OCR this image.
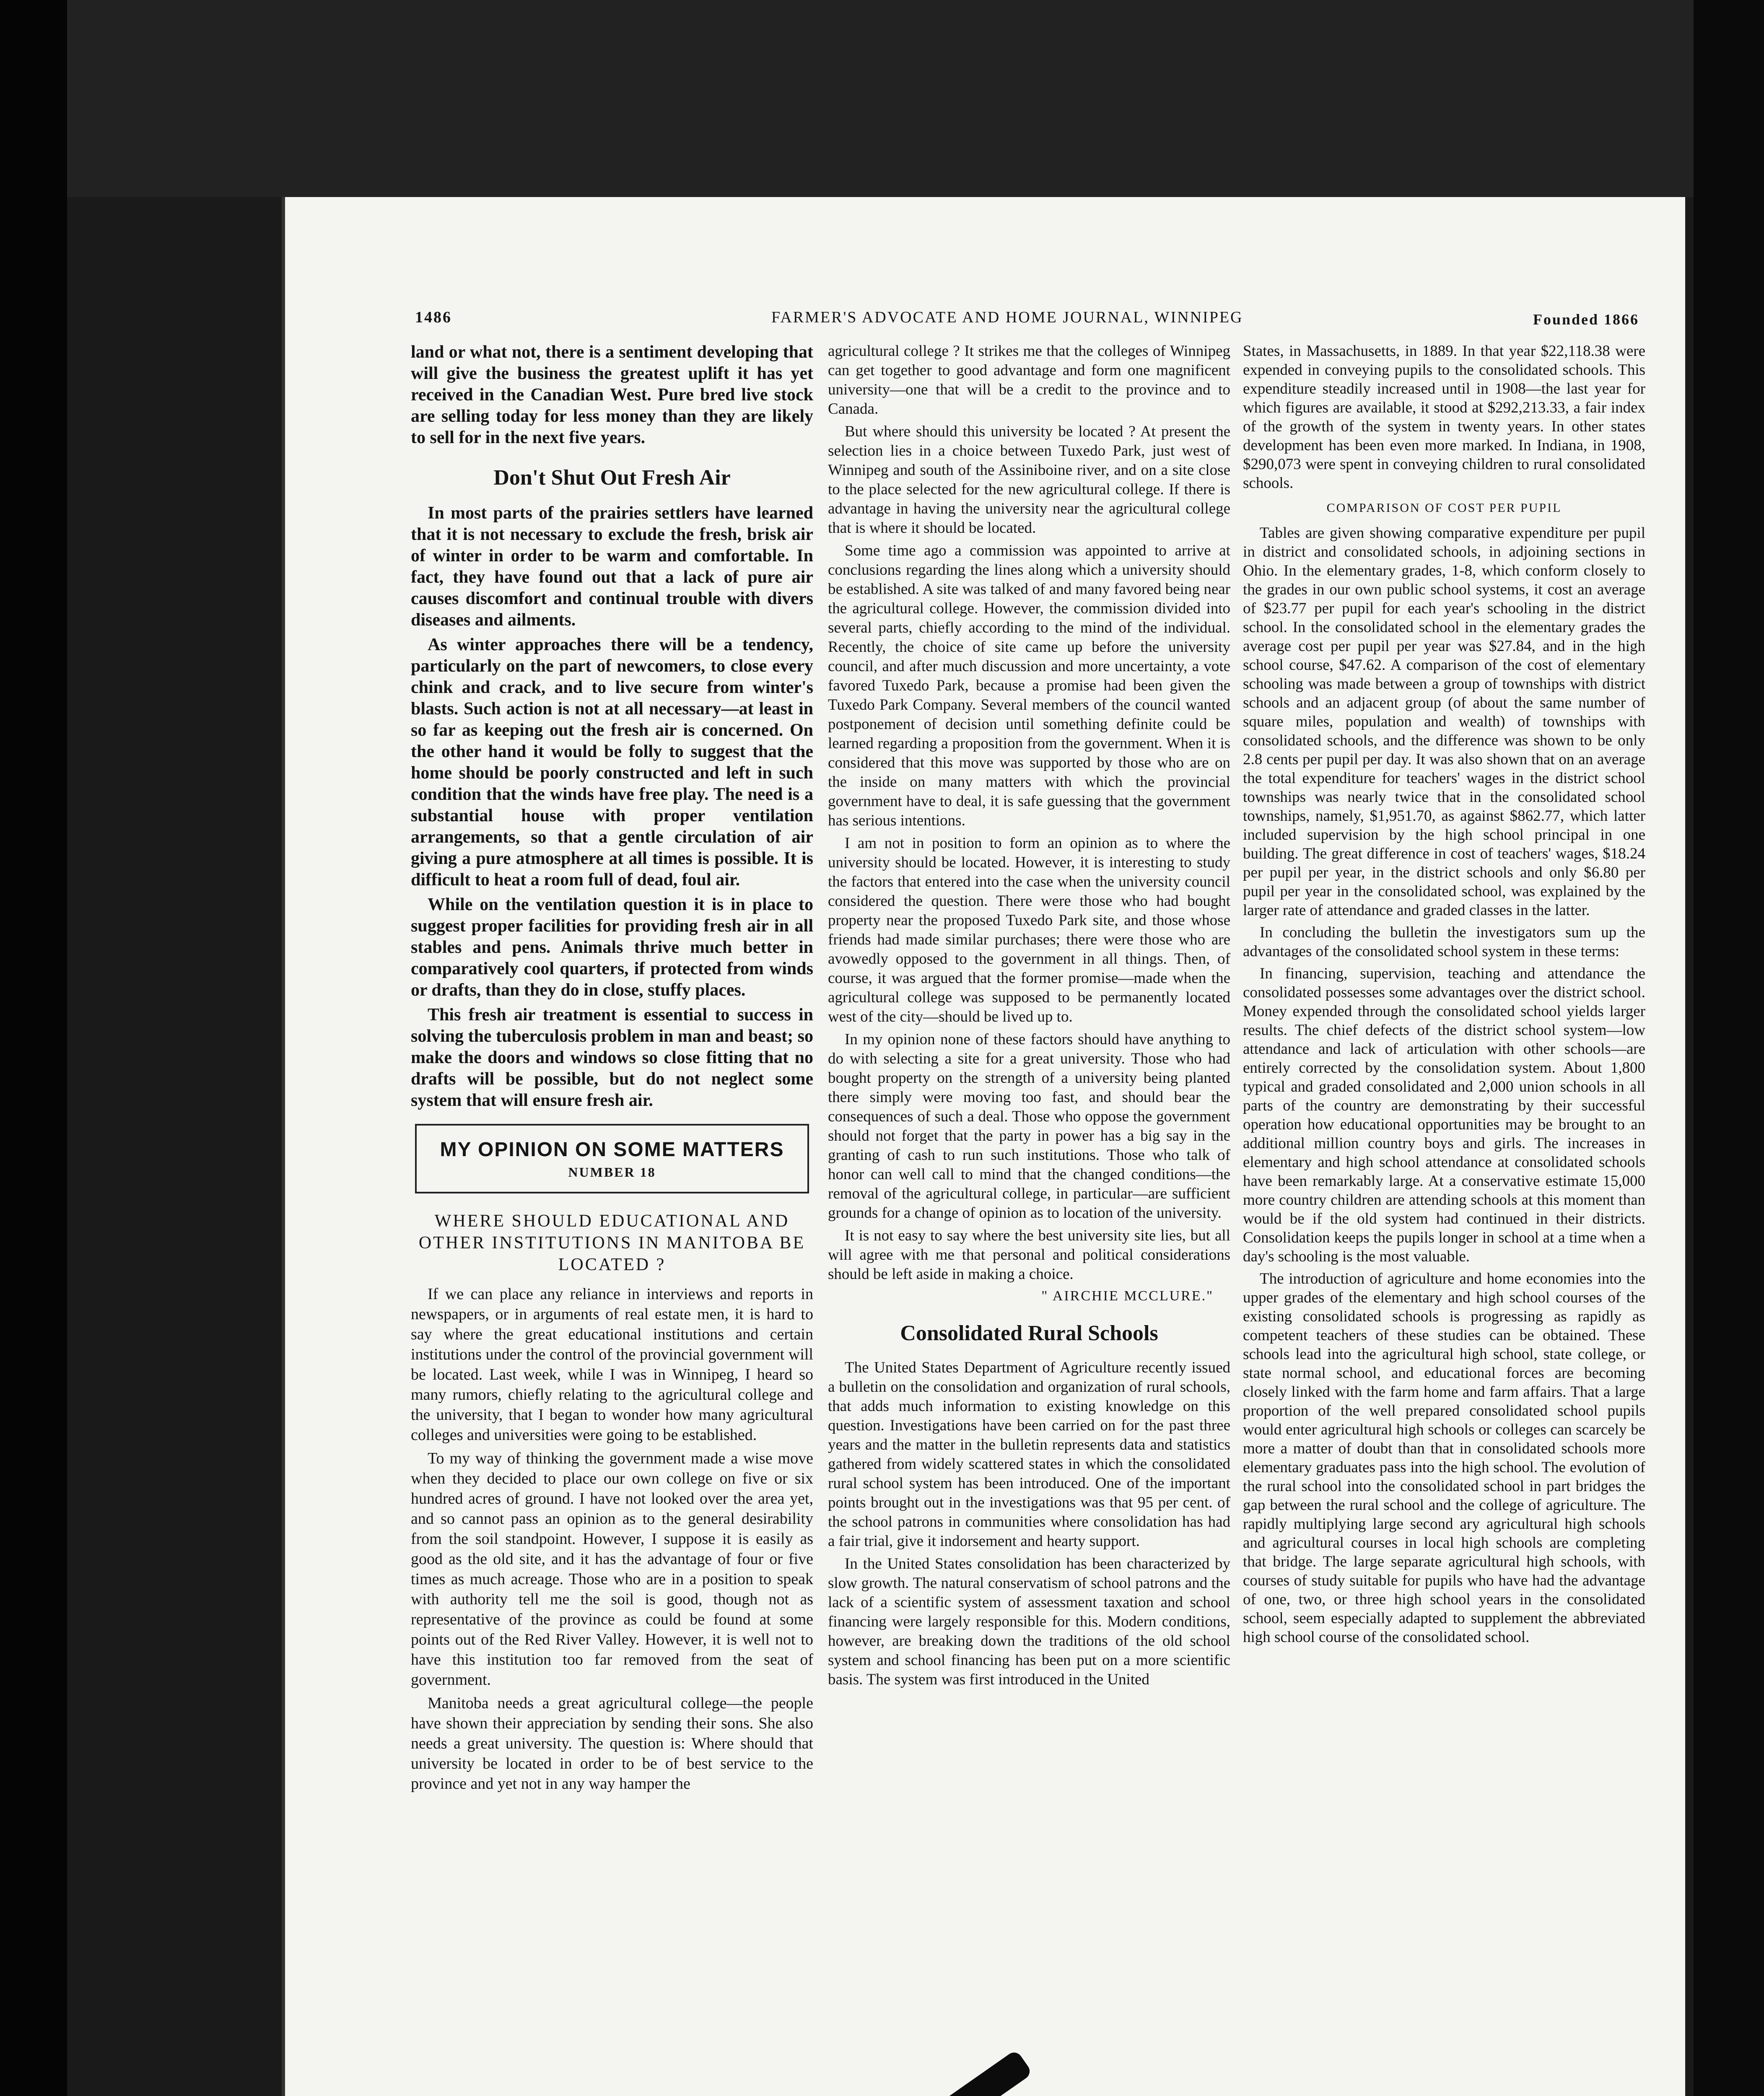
1486	FARMER'S ADVOCATE AND HOME JOURNAL, WINNIPEG	Founded 1866

land or what not, there is a sentiment developing that will give the business the greatest uplift it has yet received in the Canadian West. Pure bred live stock are selling today for less money than they are likely to sell for in the next five years.

Don't Shut Out Fresh Air

In most parts of the prairies settlers have learned that it is not necessary to exclude the fresh, brisk air of winter in order to be warm and comfortable. In fact, they have found out that a lack of pure air causes discomfort and continual trouble with divers diseases and ailments.

As winter approaches there will be a tendency, particularly on the part of newcomers, to close every chink and crack, and to live secure from winter's blasts. Such action is not at all necessary—at least in so far as keeping out the fresh air is concerned. On the other hand it would be folly to suggest that the home should be poorly constructed and left in such condition that the winds have free play. The need is a substantial house with proper ventilation arrangements, so that a gentle circulation of air giving a pure atmosphere at all times is possible. It is difficult to heat a room full of dead, foul air.

While on the ventilation question it is in place to suggest proper facilities for providing fresh air in all stables and pens. Animals thrive much better in comparatively cool quarters, if protected from winds or drafts, than they do in close, stuffy places.

This fresh air treatment is essential to success in solving the tuberculosis problem in man and beast; so make the doors and windows so close fitting that no drafts will be possible, but do not neglect some system that will ensure fresh air.

MY OPINION ON SOME MATTERS
NUMBER 18
WHERE SHOULD EDUCATIONAL AND OTHER INSTITUTIONS IN MANITOBA BE LOCATED ?

If we can place any reliance in interviews and reports in newspapers, or in arguments of real estate men, it is hard to say where the great educational institutions and certain institutions under the control of the provincial government will be located. Last week, while I was in Winnipeg, I heard so many rumors, chiefly relating to the agricultural college and the university, that I began to wonder how many agricultural colleges and universities were going to be established.

To my way of thinking the government made a wise move when they decided to place our own college on five or six hundred acres of ground. I have not looked over the area yet, and so cannot pass an opinion as to the general desirability from the soil standpoint. However, I suppose it is easily as good as the old site, and it has the advantage of four or five times as much acreage. Those who are in a position to speak with authority tell me the soil is good, though not as representative of the province as could be found at some points out of the Red River Valley. However, it is well not to have this institution too far removed from the seat of government.

Manitoba needs a great agricultural college—the people have shown their appreciation by sending their sons. She also needs a great university. The question is: Where should that university be located in order to be of best service to the province and yet not in any way hamper the

agricultural college ? It strikes me that the colleges of Winnipeg can get together to good advantage and form one magnificent university—one that will be a credit to the province and to Canada.

But where should this university be located ? At present the selection lies in a choice between Tuxedo Park, just west of Winnipeg and south of the Assiniboine river, and on a site close to the place selected for the new agricultural college. If there is advantage in having the university near the agricultural college that is where it should be located.

Some time ago a commission was appointed to arrive at conclusions regarding the lines along which a university should be established. A site was talked of and many favored being near the agricultural college. However, the commission divided into several parts, chiefly according to the mind of the individual. Recently, the choice of site came up before the university council, and after much discussion and more uncertainty, a vote favored Tuxedo Park, because a promise had been given the Tuxedo Park Company. Several members of the council wanted postponement of decision until something definite could be learned regarding a proposition from the government. When it is considered that this move was supported by those who are on the inside on many matters with which the provincial government have to deal, it is safe guessing that the government has serious intentions.

I am not in position to form an opinion as to where the university should be located. However, it is interesting to study the factors that entered into the case when the university council considered the question. There were those who had bought property near the proposed Tuxedo Park site, and those whose friends had made similar purchases; there were those who are avowedly opposed to the government in all things. Then, of course, it was argued that the former promise—made when the agricultural college was supposed to be permanently located west of the city—should be lived up to.

In my opinion none of these factors should have anything to do with selecting a site for a great university. Those who had bought property on the strength of a university being planted there simply were moving too fast, and should bear the consequences of such a deal. Those who oppose the government should not forget that the party in power has a big say in the granting of cash to run such institutions. Those who talk of honor can well call to mind that the changed conditions—the removal of the agricultural college, in particular—are sufficient grounds for a change of opinion as to location of the university.

It is not easy to say where the best university site lies, but all will agree with me that personal and political considerations should be left aside in making a choice.

" AIRCHIE MCCLURE."
Consolidated Rural Schools

The United States Department of Agriculture recently issued a bulletin on the consolidation and organization of rural schools, that adds much information to existing knowledge on this question. Investigations have been carried on for the past three years and the matter in the bulletin represents data and statistics gathered from widely scattered states in which the consolidated rural school system has been introduced. One of the important points brought out in the investigations was that 95 per cent. of the school patrons in communities where consolidation has had a fair trial, give it indorsement and hearty support.

In the United States consolidation has been characterized by slow growth. The natural conservatism of school patrons and the lack of a scientific system of assessment taxation and school financing were largely responsible for this. Modern conditions, however, are breaking down the traditions of the old school system and school financing has been put on a more scientific basis. The system was first introduced in the United

States, in Massachusetts, in 1889. In that year $22,118.38 were expended in conveying pupils to the consolidated schools. This expenditure steadily increased until in 1908—the last year for which figures are available, it stood at $292,213.33, a fair index of the growth of the system in twenty years. In other states development has been even more marked. In Indiana, in 1908, $290,073 were spent in conveying children to rural consolidated schools.

COMPARISON OF COST PER PUPIL

Tables are given showing comparative expenditure per pupil in district and consolidated schools, in adjoining sections in Ohio. In the elementary grades, 1-8, which conform closely to the grades in our own public school systems, it cost an average of $23.77 per pupil for each year's schooling in the district school. In the consolidated school in the elementary grades the average cost per pupil per year was $27.84, and in the high school course, $47.62. A comparison of the cost of elementary schooling was made between a group of townships with district schools and an adjacent group (of about the same number of square miles, population and wealth) of townships with consolidated schools, and the difference was shown to be only 2.8 cents per pupil per day. It was also shown that on an average the total expenditure for teachers' wages in the district school townships was nearly twice that in the consolidated school townships, namely, $1,951.70, as against $862.77, which latter included supervision by the high school principal in one building. The great difference in cost of teachers' wages, $18.24 per pupil per year, in the district schools and only $6.80 per pupil per year in the consolidated school, was explained by the larger rate of attendance and graded classes in the latter.

In concluding the bulletin the investigators sum up the advantages of the consolidated school system in these terms:

In financing, supervision, teaching and attendance the consolidated possesses some advantages over the district school. Money expended through the consolidated school yields larger results. The chief defects of the district school system—low attendance and lack of articulation with other schools—are entirely corrected by the consolidation system. About 1,800 typical and graded consolidated and 2,000 union schools in all parts of the country are demonstrating by their successful operation how educational opportunities may be brought to an additional million country boys and girls. The increases in elementary and high school attendance at consolidated schools have been remarkably large. At a conservative estimate 15,000 more country children are attending schools at this moment than would be if the old system had continued in their districts. Consolidation keeps the pupils longer in school at a time when a day's schooling is the most valuable.

The introduction of agriculture and home economies into the upper grades of the elementary and high school courses of the existing consolidated schools is progressing as rapidly as competent teachers of these studies can be obtained. These schools lead into the agricultural high school, state college, or state normal school, and educational forces are becoming closely linked with the farm home and farm affairs. That a large proportion of the well prepared consolidated school pupils would enter agricultural high schools or colleges can scarcely be more a matter of doubt than that in consolidated schools more elementary graduates pass into the high school. The evolution of the rural school into the consolidated school in part bridges the gap between the rural school and the college of agriculture. The rapidly multiplying large second ary agricultural high schools and agricultural courses in local high schools are completing that bridge. The large separate agricultural high schools, with courses of study suitable for pupils who have had the advantage of one, two, or three high school years in the consolidated school, seem especially adapted to supplement the abbreviated high school course of the consolidated school.
